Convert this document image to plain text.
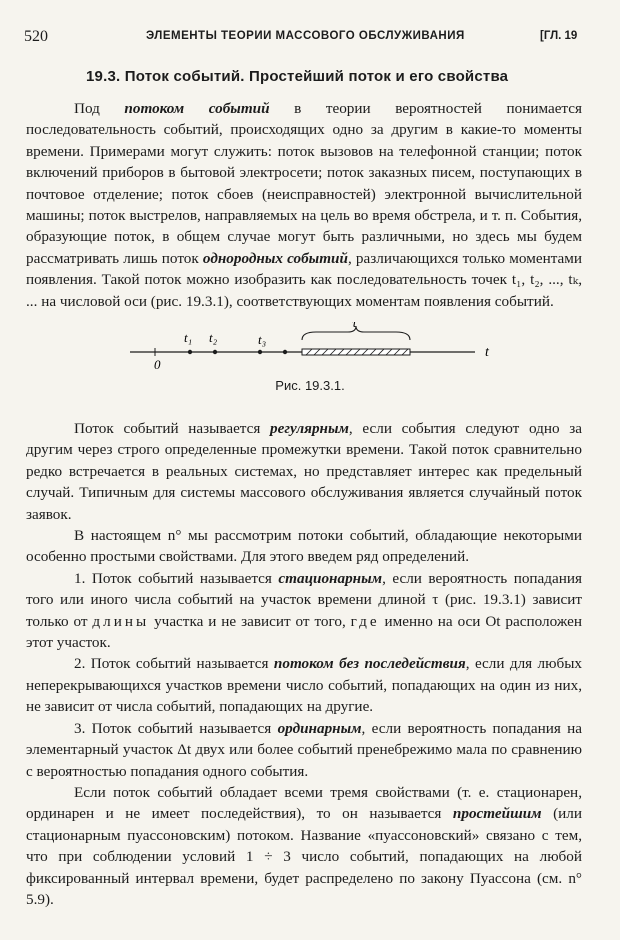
520	ЭЛЕМЕНТЫ ТЕОРИИ МАССОВОГО ОБСЛУЖИВАНИЯ	[ГЛ. 19
19.3. Поток событий. Простейший поток и его свойства

Под потоком событий в теории вероятностей понимается последовательность событий, происходящих одно за другим в какие-то моменты времени. Примерами могут служить: поток вызовов на телефонной станции; поток включений приборов в бытовой электросети; поток заказных писем, поступающих в почтовое отделение; поток сбоев (неисправностей) электронной вычислительной машины; поток выстрелов, направляемых на цель во время обстрела, и т. п. События, образующие поток, в общем случае могут быть различными, но здесь мы будем рассматривать лишь поток однородных событий, различающихся только моментами появления. Такой поток можно изобразить как последовательность точек t₁, t₂, ..., tₖ, ... на числовой оси (рис. 19.3.1), соответствующих моментам появления событий.

0
t₁ t₂	t₃
τ
t
Рис. 19.3.1.

Поток событий называется регулярным, если события следуют одно за другим через строго определенные промежутки времени. Такой поток сравнительно редко встречается в реальных системах, но представляет интерес как предельный случай. Типичным для системы массового обслуживания является случайный поток заявок.

В настоящем n° мы рассмотрим потоки событий, обладающие некоторыми особенно простыми свойствами. Для этого введем ряд определений.

1. Поток событий называется стационарным, если вероятность попадания того или иного числа событий на участок времени длиной τ (рис. 19.3.1) зависит только от длины участка и не зависит от того, где именно на оси Ot расположен этот участок.

2. Поток событий называется потоком без последействия, если для любых неперекрывающихся участков времени число событий, попадающих на один из них, не зависит от числа событий, попадающих на другие.

3. Поток событий называется ординарным, если вероятность попадания на элементарный участок Δt двух или более событий пренебрежимо мала по сравнению с вероятностью попадания одного события.

Если поток событий обладает всеми тремя свойствами (т. е. стационарен, ординарен и не имеет последействия), то он называется простейшим (или стационарным пуассоновским) потоком. Название «пуассоновский» связано с тем, что при соблюдении условий 1 ÷ 3 число событий, попадающих на любой фиксированный интервал времени, будет распределено по закону Пуассона (см. n° 5.9).
